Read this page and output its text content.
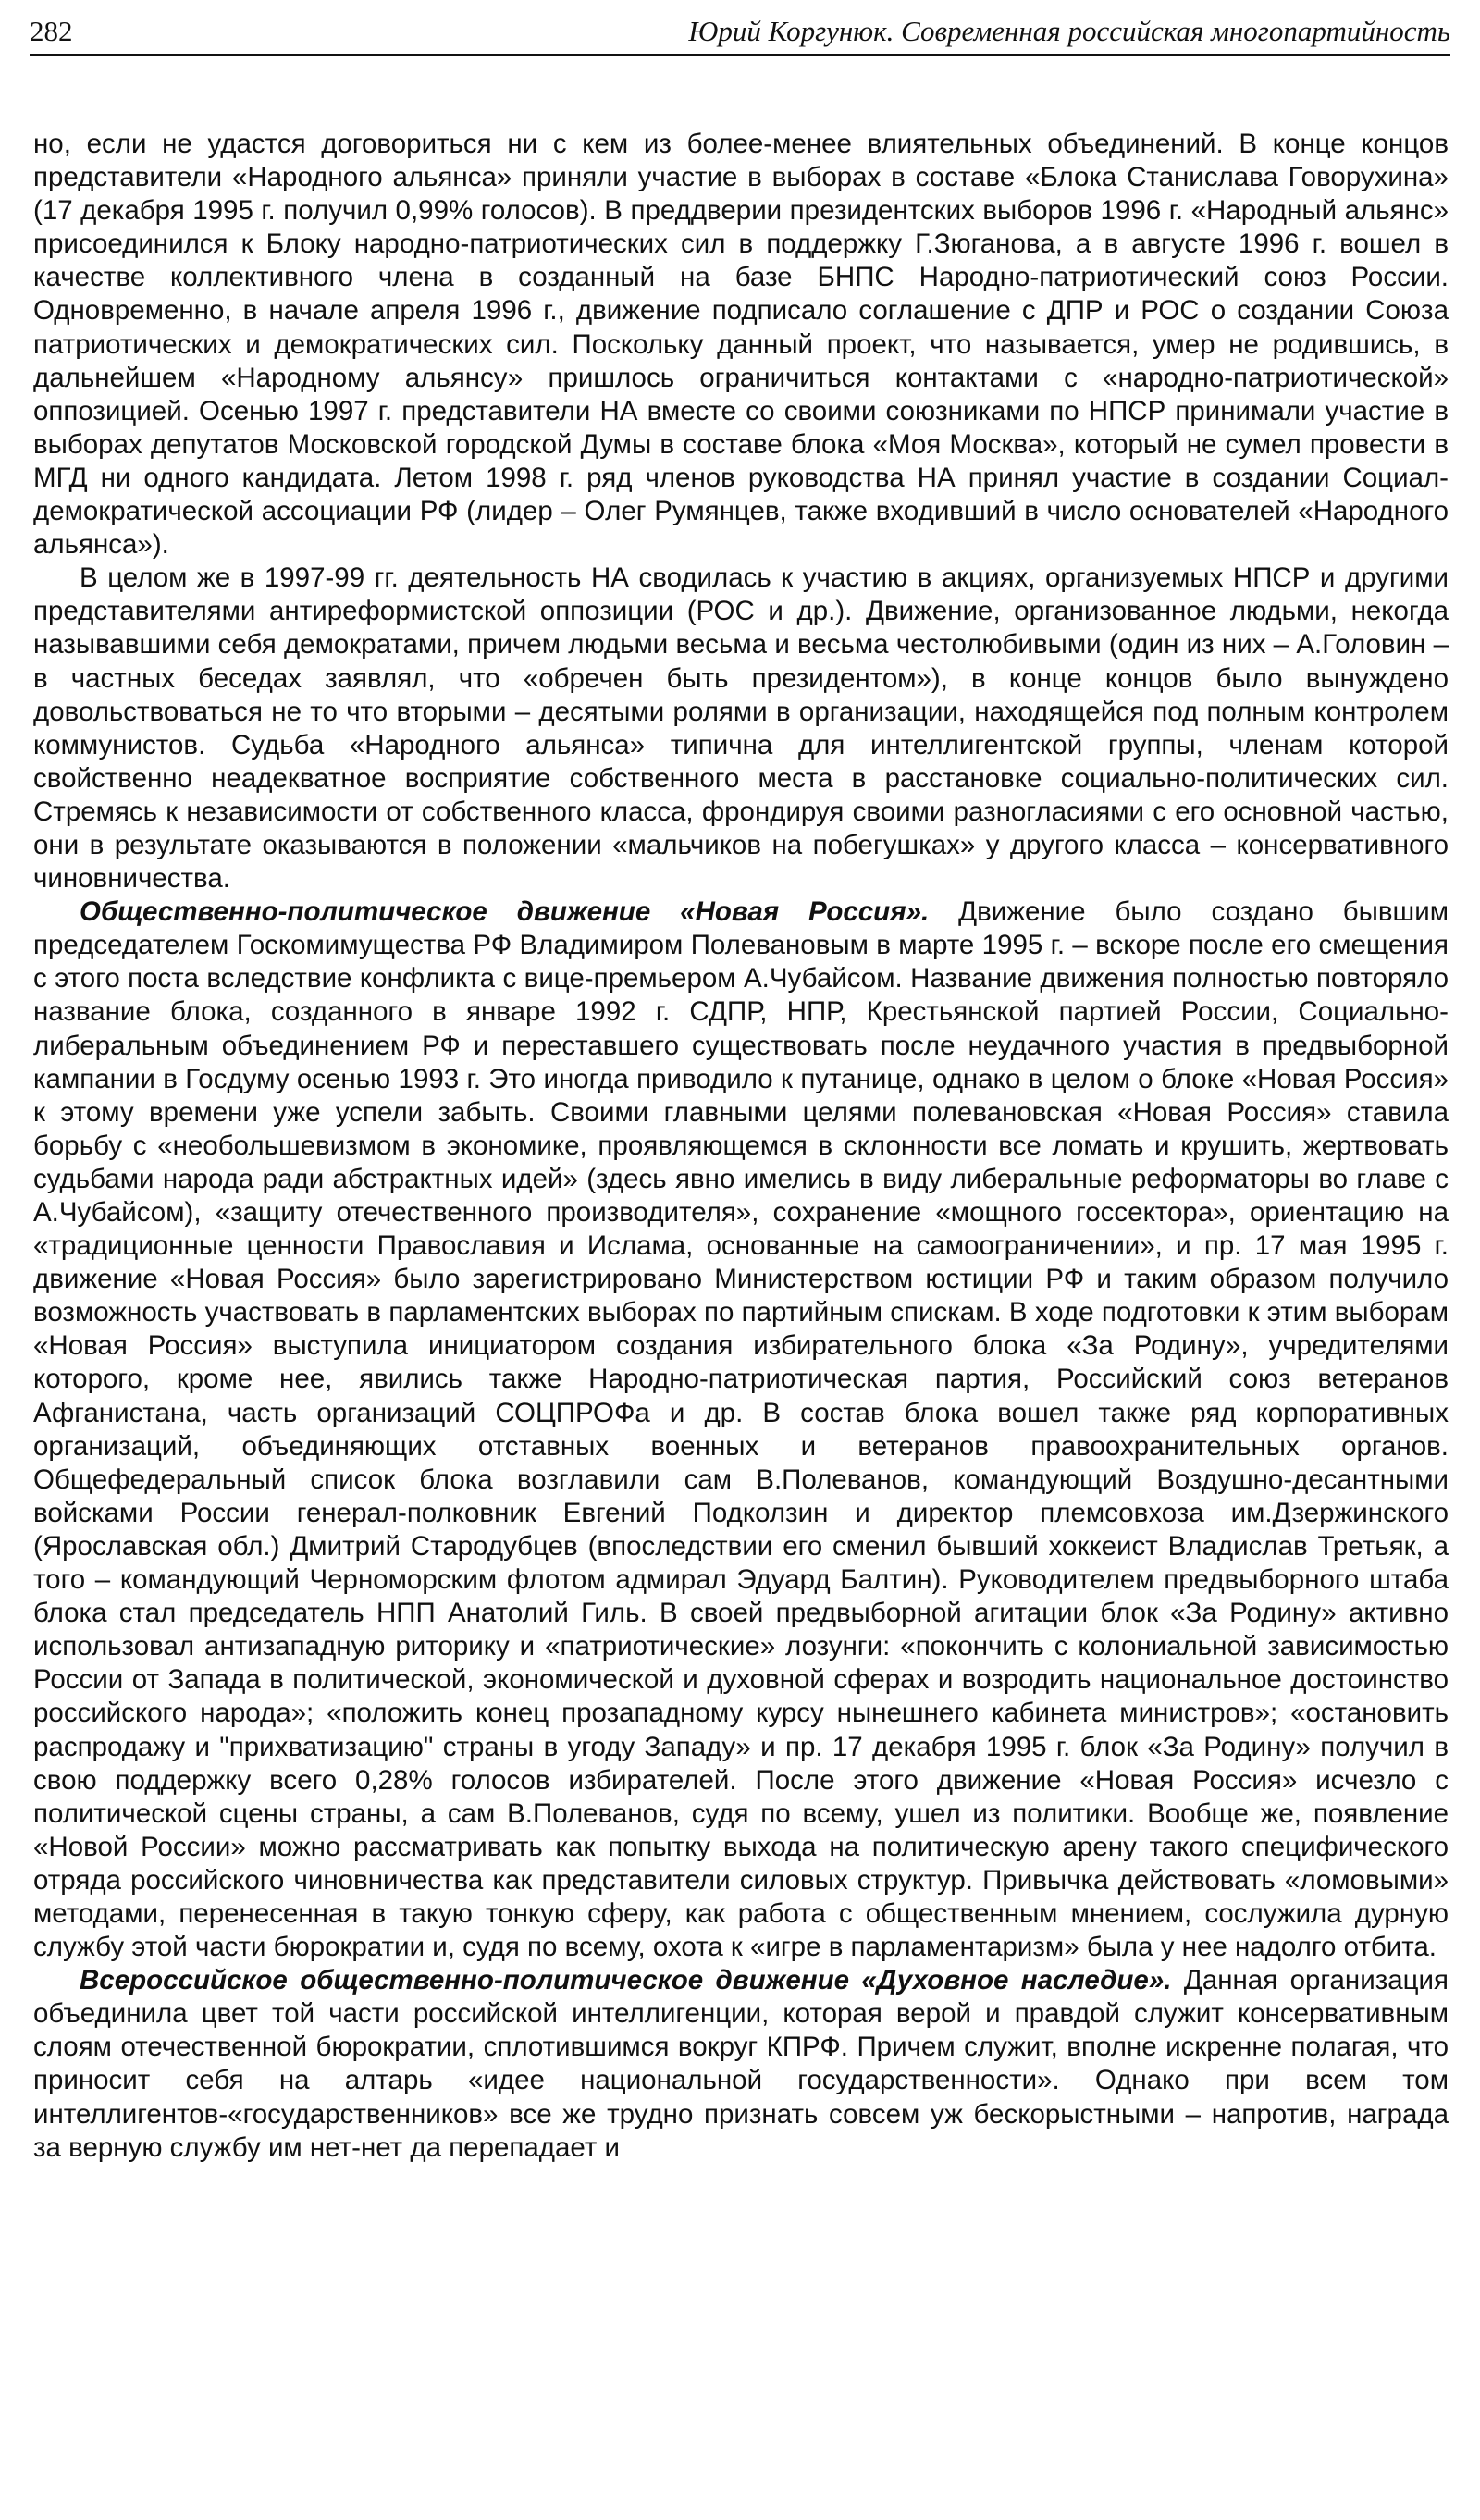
282	Юрий Коргунюк. Современная российская многопартийность

но, если не удастся договориться ни с кем из более-менее влиятельных объединений. В конце концов представители «Народного альянса» приняли участие в выборах в составе «Блока Станислава Говорухина» (17 декабря 1995 г. получил 0,99% голосов). В преддверии президентских выборов 1996 г. «Народный альянс» присоединился к Блоку народно-патриотических сил в поддержку Г.Зюганова, а в августе 1996 г. вошел в качестве коллективного члена в созданный на базе БНПС Народно-патриотический союз России. Одновременно, в начале апреля 1996 г., движение подписало соглашение с ДПР и РОС о создании Союза патриотических и демократических сил. Поскольку данный проект, что называется, умер не родившись, в дальнейшем «Народному альянсу» пришлось ограничиться контактами с «народно-патриотической» оппозицией. Осенью 1997 г. представители НА вместе со своими союзниками по НПСР принимали участие в выборах депутатов Московской городской Думы в составе блока «Моя Москва», который не сумел провести в МГД ни одного кандидата. Летом 1998 г. ряд членов руководства НА принял участие в создании Социал-демократической ассоциации РФ (лидер – Олег Румянцев, также входивший в число основателей «Народного альянса»).

В целом же в 1997-99 гг. деятельность НА сводилась к участию в акциях, организуемых НПСР и другими представителями антиреформистской оппозиции (РОС и др.). Движение, организованное людьми, некогда называвшими себя демократами, причем людьми весьма и весьма честолюбивыми (один из них – А.Головин – в частных беседах заявлял, что «обречен быть президентом»), в конце концов было вынуждено довольствоваться не то что вторыми – десятыми ролями в организации, находящейся под полным контролем коммунистов. Судьба «Народного альянса» типична для интеллигентской группы, членам которой свойственно неадекватное восприятие собственного места в расстановке социально-политических сил. Стремясь к независимости от собственного класса, фрондируя своими разногласиями с его основной частью, они в результате оказываются в положении «мальчиков на побегушках» у другого класса – консервативного чиновничества.

Общественно-политическое движение «Новая Россия». Движение было создано бывшим председателем Госкомимущества РФ Владимиром Полевановым в марте 1995 г. – вскоре после его смещения с этого поста вследствие конфликта с вице-премьером А.Чубайсом. Название движения полностью повторяло название блока, созданного в январе 1992 г. СДПР, НПР, Крестьянской партией России, Социально-либеральным объединением РФ и переставшего существовать после неудачного участия в предвыборной кампании в Госдуму осенью 1993 г. Это иногда приводило к путанице, однако в целом о блоке «Новая Россия» к этому времени уже успели забыть. Своими главными целями полевановская «Новая Россия» ставила борьбу с «необольшевизмом в экономике, проявляющемся в склонности все ломать и крушить, жертвовать судьбами народа ради абстрактных идей» (здесь явно имелись в виду либеральные реформаторы во главе с А.Чубайсом), «защиту отечественного производителя», сохранение «мощного госсектора», ориентацию на «традиционные ценности Православия и Ислама, основанные на самоограничении», и пр. 17 мая 1995 г. движение «Новая Россия» было зарегистрировано Министерством юстиции РФ и таким образом получило возможность участвовать в парламентских выборах по партийным спискам. В ходе подготовки к этим выборам «Новая Россия» выступила инициатором создания избирательного блока «За Родину», учредителями которого, кроме нее, явились также Народно-патриотическая партия, Российский союз ветеранов Афганистана, часть организаций СОЦПРОФа и др. В состав блока вошел также ряд корпоративных организаций, объединяющих отставных военных и ветеранов правоохранительных органов. Общефедеральный список блока возглавили сам В.Полеванов, командующий Воздушно-десантными войсками России генерал-полковник Евгений Подколзин и директор племсовхоза им.Дзержинского (Ярославская обл.) Дмитрий Стародубцев (впоследствии его сменил бывший хоккеист Владислав Третьяк, а того – командующий Черноморским флотом адмирал Эдуард Балтин). Руководителем предвыборного штаба блока стал председатель НПП Анатолий Гиль. В своей предвыборной агитации блок «За Родину» активно использовал антизападную риторику и «патриотические» лозунги: «покончить с колониальной зависимостью России от Запада в политической, экономической и духовной сферах и возродить национальное достоинство российского народа»; «положить конец прозападному курсу нынешнего кабинета министров»; «остановить распродажу и "прихватизацию" страны в угоду Западу» и пр. 17 декабря 1995 г. блок «За Родину» получил в свою поддержку всего 0,28% голосов избирателей. После этого движение «Новая Россия» исчезло с политической сцены страны, а сам В.Полеванов, судя по всему, ушел из политики. Вообще же, появление «Новой России» можно рассматривать как попытку выхода на политическую арену такого специфического отряда российского чиновничества как представители силовых структур. Привычка действовать «ломовыми» методами, перенесенная в такую тонкую сферу, как работа с общественным мнением, сослужила дурную службу этой части бюрократии и, судя по всему, охота к «игре в парламентаризм» была у нее надолго отбита.

Всероссийское общественно-политическое движение «Духовное наследие». Данная организация объединила цвет той части российской интеллигенции, которая верой и правдой служит консервативным слоям отечественной бюрократии, сплотившимся вокруг КПРФ. Причем служит, вполне искренне полагая, что приносит себя на алтарь «идее национальной государственности». Однако при всем том интеллигентов-«государственников» все же трудно признать совсем уж бескорыстными – напротив, награда за верную службу им нет-нет да перепадает и
